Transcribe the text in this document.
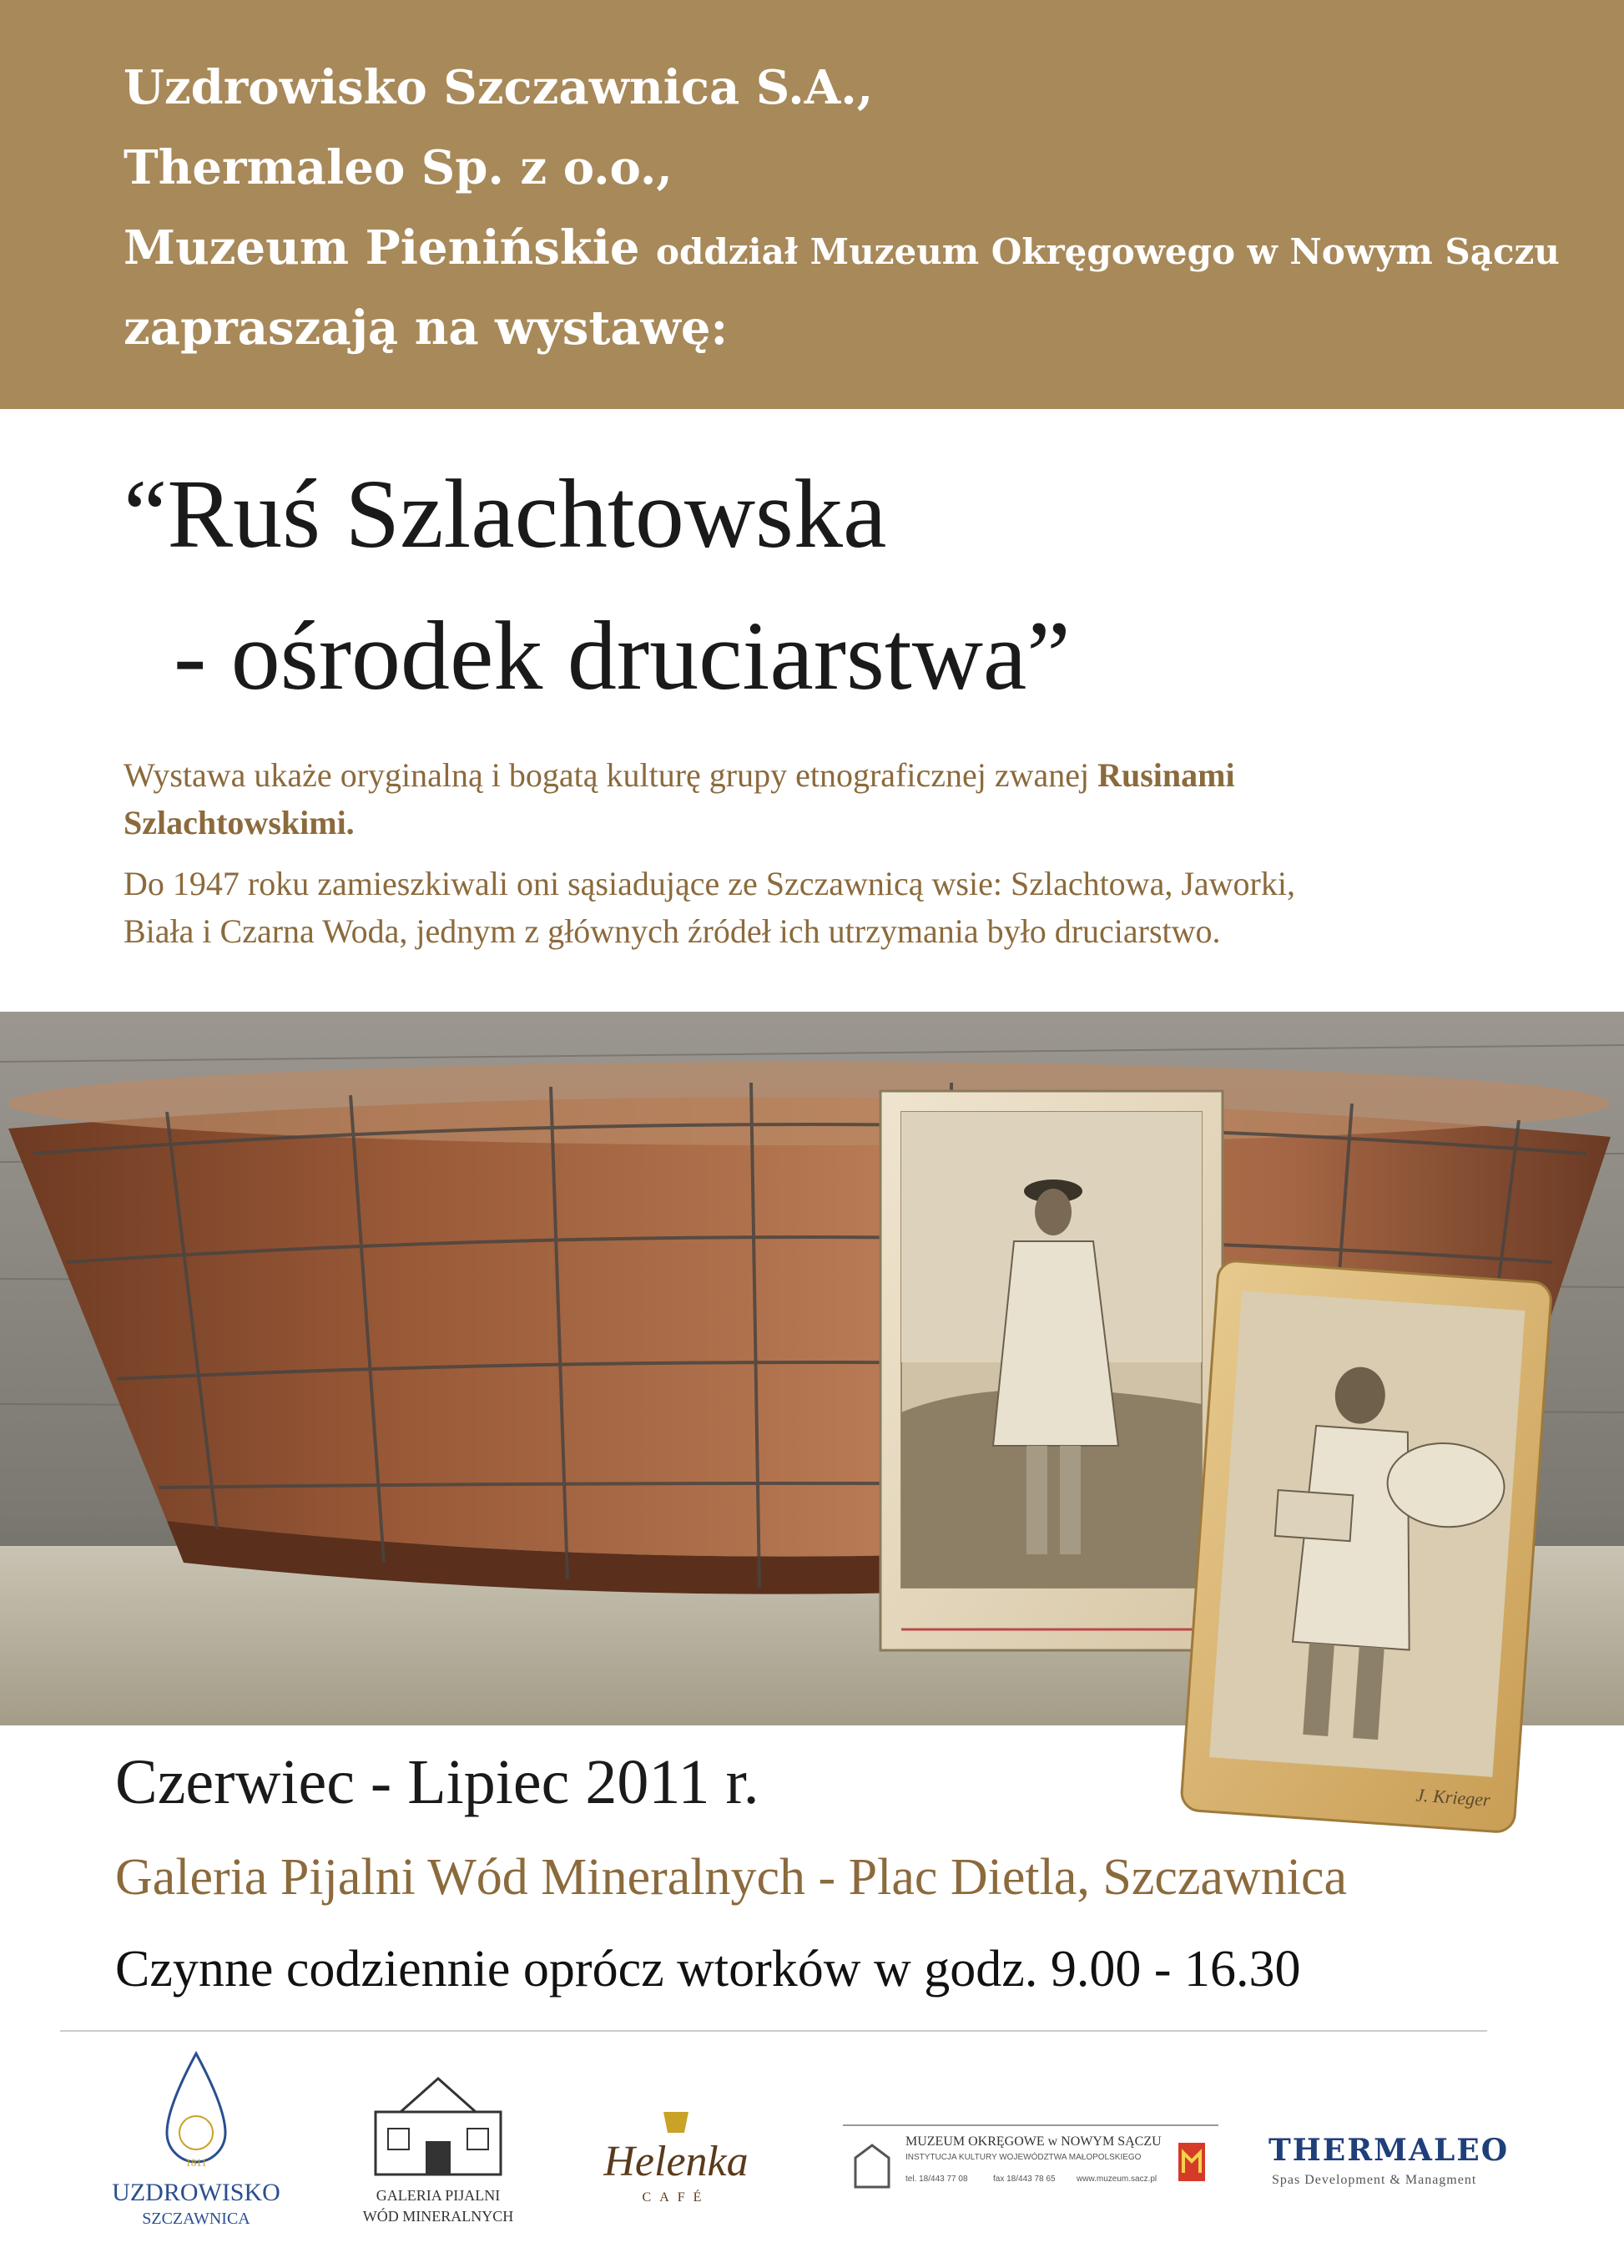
Uzdrowisko Szczawnica S.A.,
Thermaleo Sp. z o.o.,
Muzeum Pienińskie oddział Muzeum Okręgowego w Nowym Sączu
zapraszają na wystawę:
“Ruś Szlachtowska
- ośrodek druciarstwa”
Wystawa ukaże oryginalną i bogatą kulturę grupy etnograficznej zwanej Rusinami
Szlachtowskimi.
Do 1947 roku zamieszkiwali oni sąsiadujące ze Szczawnicą wsie: Szlachtowa, Jaworki,
Biała i Czarna Woda, jednym z głównych źródeł ich utrzymania było druciarstwo.
J. Krieger
Czerwiec - Lipiec 2011 r.
Galeria Pijalni Wód Mineralnych - Plac Dietla, Szczawnica
Czynne codziennie oprócz wtorków w godz. 9.00 - 16.30
1811
UZDROWISKO
SZCZAWNICA
GALERIA PIJALNI
WÓD MINERALNYCH
Helenka
CAFÉ
MUZEUM OKRĘGOWE w NOWYM SĄCZU
INSTYTUCJA KULTURY WOJEWÓDZTWA MAŁOPOLSKIEGO
tel. 18/443 77 08	fax 18/443 78 65	www.muzeum.sacz.pl
THERMALEO
Spas Development & Managment
